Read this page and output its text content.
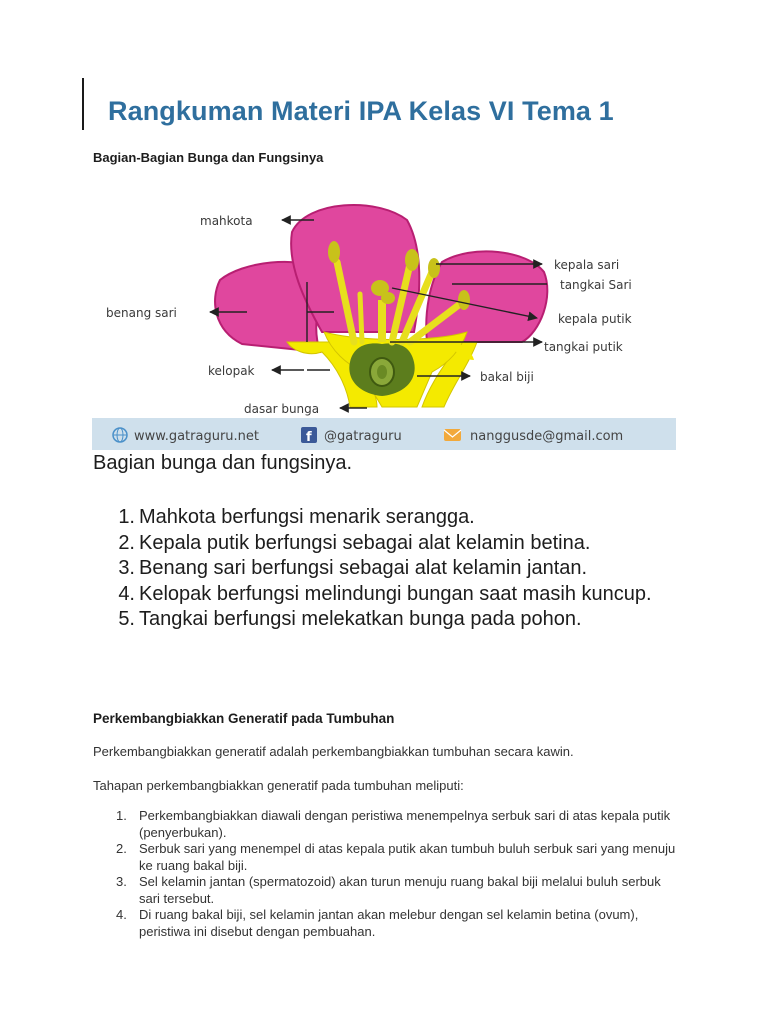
Rangkuman Materi IPA Kelas VI Tema 1
Bagian-Bagian Bunga dan Fungsinya
mahkota
benang sari
kelopak
dasar bunga
kepala sari
tangkai Sari
kepala putik
tangkai putik
bakal biji
www.gatraguru.net	f @gatraguru	nanggusde@gmail.com
Bagian bunga dan fungsinya.
1. Mahkota berfungsi menarik serangga.
2. Kepala putik berfungsi sebagai alat kelamin betina.
3. Benang sari berfungsi sebagai alat kelamin jantan.
4. Kelopak berfungsi melindungi bungan saat masih kuncup.
5. Tangkai berfungsi melekatkan bunga pada pohon.
Perkembangbiakkan Generatif pada Tumbuhan

Perkembangbiakkan generatif adalah perkembangbiakkan tumbuhan secara kawin.

Tahapan perkembangbiakkan generatif pada tumbuhan meliputi:

1. Perkembangbiakkan diawali dengan peristiwa menempelnya serbuk sari di atas kepala putik (penyerbukan).
2. Serbuk sari yang menempel di atas kepala putik akan tumbuh buluh serbuk sari yang menuju ke ruang bakal biji.
3. Sel kelamin jantan (spermatozoid) akan turun menuju ruang bakal biji melalui buluh serbuk sari tersebut.
4. Di ruang bakal biji, sel kelamin jantan akan melebur dengan sel kelamin betina (ovum), peristiwa ini disebut dengan pembuahan.
